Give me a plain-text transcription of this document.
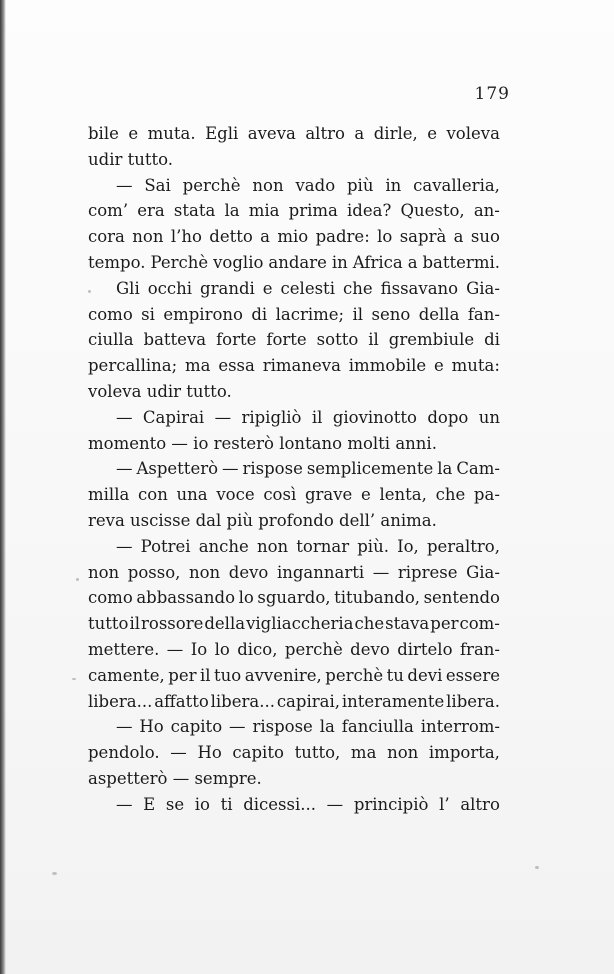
179
bile e muta. Egli aveva altro a dirle, e voleva
udir tutto.
— Sai perchè non vado più in cavalleria,
com’ era stata la mia prima idea? Questo, an-
cora non l’ho detto a mio padre: lo saprà a suo
tempo. Perchè voglio andare in Africa a battermi.
Gli occhi grandi e celesti che fissavano Gia-
como si empirono di lacrime; il seno della fan-
ciulla batteva forte forte sotto il grembiule di
percallina; ma essa rimaneva immobile e muta:
voleva udir tutto.
— Capirai — ripigliò il giovinotto dopo un
momento — io resterò lontano molti anni.
— Aspetterò — rispose semplicemente la Cam-
milla con una voce così grave e lenta, che pa-
reva uscisse dal più profondo dell’ anima.
— Potrei anche non tornar più. Io, peraltro,
non posso, non devo ingannarti — riprese Gia-
como abbassando lo sguardo, titubando, sentendo
tutto il rossore della vigliaccheria che stava per com-
mettere. — Io lo dico, perchè devo dirtelo fran-
camente, per il tuo avvenire, perchè tu devi essere
libera... affatto libera... capirai, interamente libera.
— Ho capito — rispose la fanciulla interrom-
pendolo. — Ho capito tutto, ma non importa,
aspetterò — sempre.
— E se io ti dicessi... — principiò l’ altro
